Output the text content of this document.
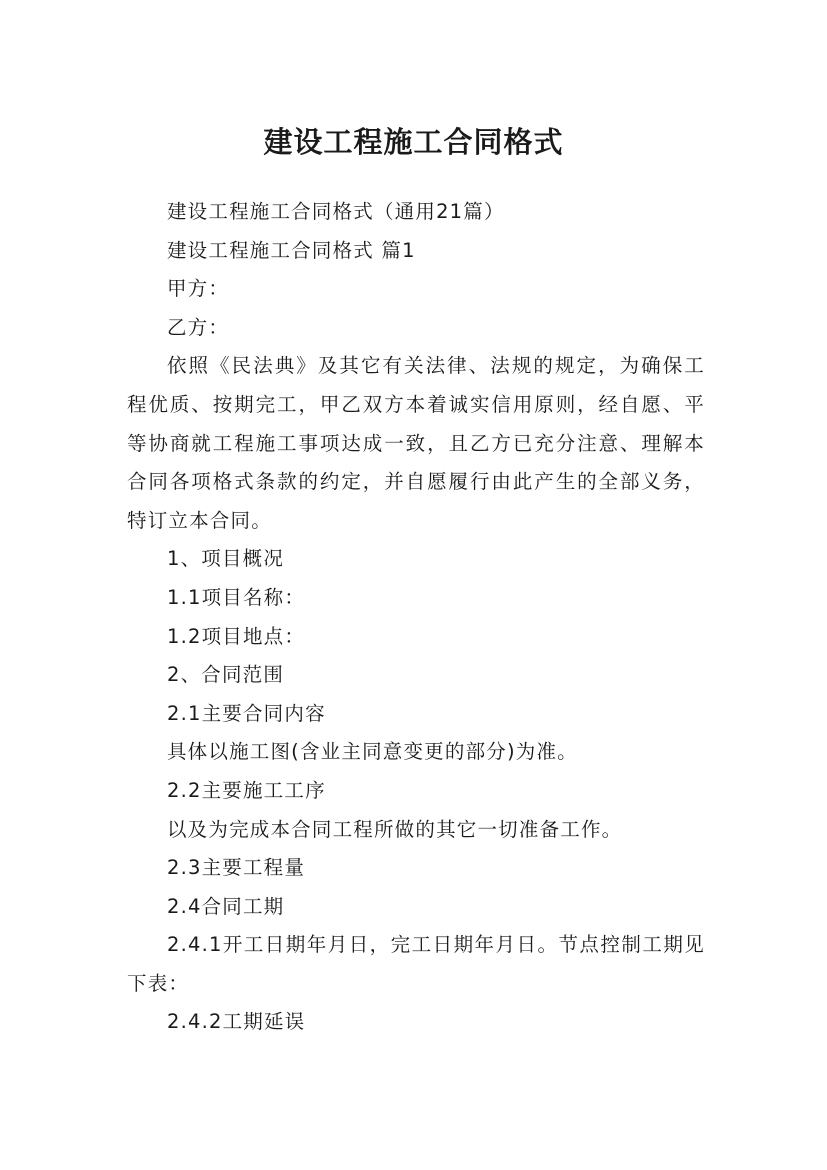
建设工程施工合同格式

建设工程施工合同格式（通用21篇）

建设工程施工合同格式 篇1

甲方：

乙方：

依照《民法典》及其它有关法律、法规的规定，为确保工程优质、按期完工，甲乙双方本着诚实信用原则，经自愿、平等协商就工程施工事项达成一致，且乙方已充分注意、理解本合同各项格式条款的约定，并自愿履行由此产生的全部义务，特订立本合同。

1、项目概况

1.1项目名称：

1.2项目地点：

2、合同范围

2.1主要合同内容

具体以施工图(含业主同意变更的部分)为准。

2.2主要施工工序

以及为完成本合同工程所做的其它一切准备工作。

2.3主要工程量

2.4合同工期

2.4.1开工日期年月日，完工日期年月日。节点控制工期见下表：

2.4.2工期延误
